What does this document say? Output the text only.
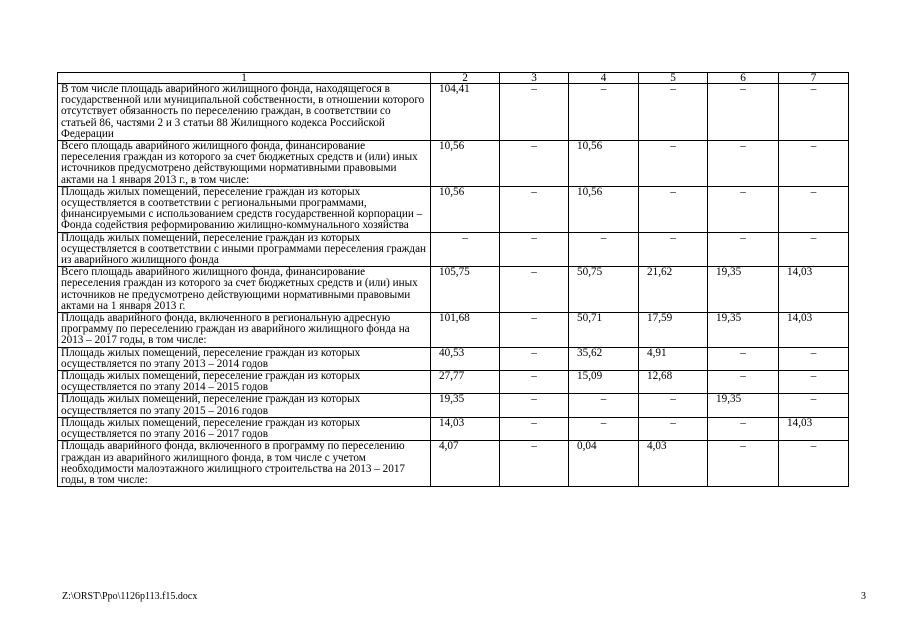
1	2	3	4	5	6	7
В том числе площадь аварийного жилищного фонда, находящегося в государственной или муниципальной собственности, в отношении которого отсутствует обязанность по переселению граждан, в соответствии со статьей 86, частями 2 и 3 статьи 88 Жилищного кодекса Российской Федерации	104,41	–	–	–	–	–
Всего площадь аварийного жилищного фонда, финансирование переселения граждан из которого за счет бюджетных средств и (или) иных источников предусмотрено действующими нормативными правовыми актами на 1 января 2013 г., в том числе:	10,56	–	10,56	–	–	–
Площадь жилых помещений, переселение граждан из которых осуществляется в соответствии с региональными программами, финансируемыми с использованием средств государственной корпорации – Фонда содействия реформированию жилищно-коммунального хозяйства	10,56	–	10,56	–	–	–
Площадь жилых помещений, переселение граждан из которых осуществляется в соответствии с иными программами переселения граждан из аварийного жилищного фонда	–	–	–	–	–	–
Всего площадь аварийного жилищного фонда, финансирование переселения граждан из которого за счет бюджетных средств и (или) иных источников не предусмотрено действующими нормативными правовыми актами на 1 января 2013 г.	105,75	–	50,75	21,62	19,35	14,03
Площадь аварийного фонда, включенного в региональную адресную программу по переселению граждан из аварийного жилищного фонда на 2013 – 2017 годы, в том числе:	101,68	–	50,71	17,59	19,35	14,03
Площадь жилых помещений, переселение граждан из которых осуществляется по этапу 2013 – 2014 годов	40,53	–	35,62	4,91	–	–
Площадь жилых помещений, переселение граждан из которых осуществляется по этапу 2014 – 2015 годов	27,77	–	15,09	12,68	–	–
Площадь жилых помещений, переселение граждан из которых осуществляется по этапу 2015 – 2016 годов	19,35	–	–	–	19,35	–
Площадь жилых помещений, переселение граждан из которых осуществляется по этапу 2016 – 2017 годов	14,03	–	–	–	–	14,03
Площадь аварийного фонда, включенного в программу по переселению граждан из аварийного жилищного фонда, в том числе с учетом необходимости малоэтажного жилищного строительства на 2013 – 2017 годы, в том числе:	4,07	–	0,04	4,03	–	–
Z:\ORST\Ppo\1126p113.f15.docx	3
